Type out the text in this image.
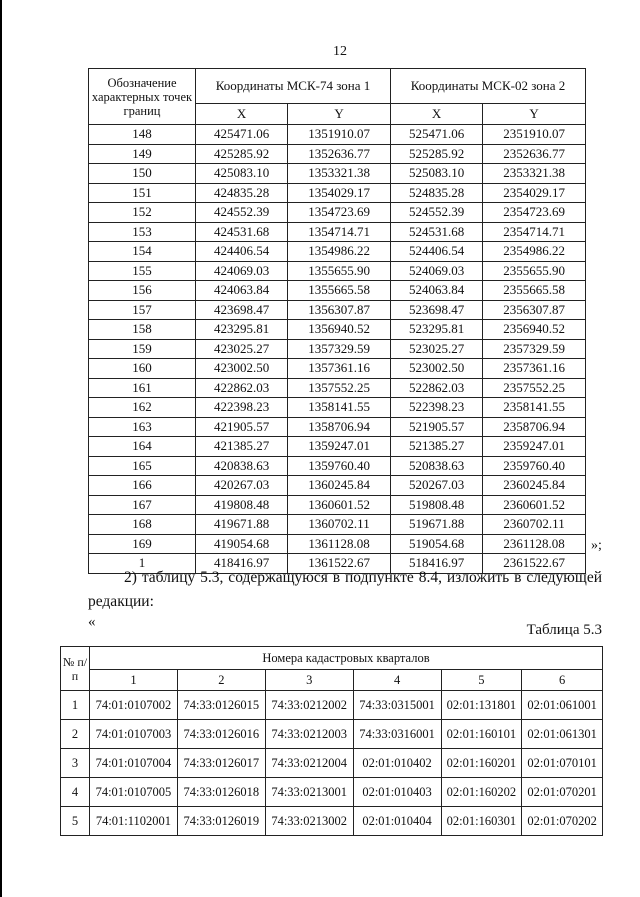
12
Обозначение характерных точек границ	Координаты МСК-74 зона 1		Координаты МСК-02 зона 2	
	X	Y	X	Y
148	425471.06	1351910.07	525471.06	2351910.07
149	425285.92	1352636.77	525285.92	2352636.77
150	425083.10	1353321.38	525083.10	2353321.38
151	424835.28	1354029.17	524835.28	2354029.17
152	424552.39	1354723.69	524552.39	2354723.69
153	424531.68	1354714.71	524531.68	2354714.71
154	424406.54	1354986.22	524406.54	2354986.22
155	424069.03	1355655.90	524069.03	2355655.90
156	424063.84	1355665.58	524063.84	2355665.58
157	423698.47	1356307.87	523698.47	2356307.87
158	423295.81	1356940.52	523295.81	2356940.52
159	423025.27	1357329.59	523025.27	2357329.59
160	423002.50	1357361.16	523002.50	2357361.16
161	422862.03	1357552.25	522862.03	2357552.25
162	422398.23	1358141.55	522398.23	2358141.55
163	421905.57	1358706.94	521905.57	2358706.94
164	421385.27	1359247.01	521385.27	2359247.01
165	420838.63	1359760.40	520838.63	2359760.40
166	420267.03	1360245.84	520267.03	2360245.84
167	419808.48	1360601.52	519808.48	2360601.52
168	419671.88	1360702.11	519671.88	2360702.11
169	419054.68	1361128.08	519054.68	2361128.08
1	418416.97	1361522.67	518416.97	2361522.67
»;
2) таблицу 5.3, содержащуюся в подпункте 8.4, изложить в следующей
редакции:
«	Таблица 5.3
№ п/п	Номера кадастровых кварталов					
	1	2	3	4	5	6
1	74:01:0107002	74:33:0126015	74:33:0212002	74:33:0315001	02:01:131801	02:01:061001
2	74:01:0107003	74:33:0126016	74:33:0212003	74:33:0316001	02:01:160101	02:01:061301
3	74:01:0107004	74:33:0126017	74:33:0212004	02:01:010402	02:01:160201	02:01:070101
4	74:01:0107005	74:33:0126018	74:33:0213001	02:01:010403	02:01:160202	02:01:070201
5	74:01:1102001	74:33:0126019	74:33:0213002	02:01:010404	02:01:160301	02:01:070202
